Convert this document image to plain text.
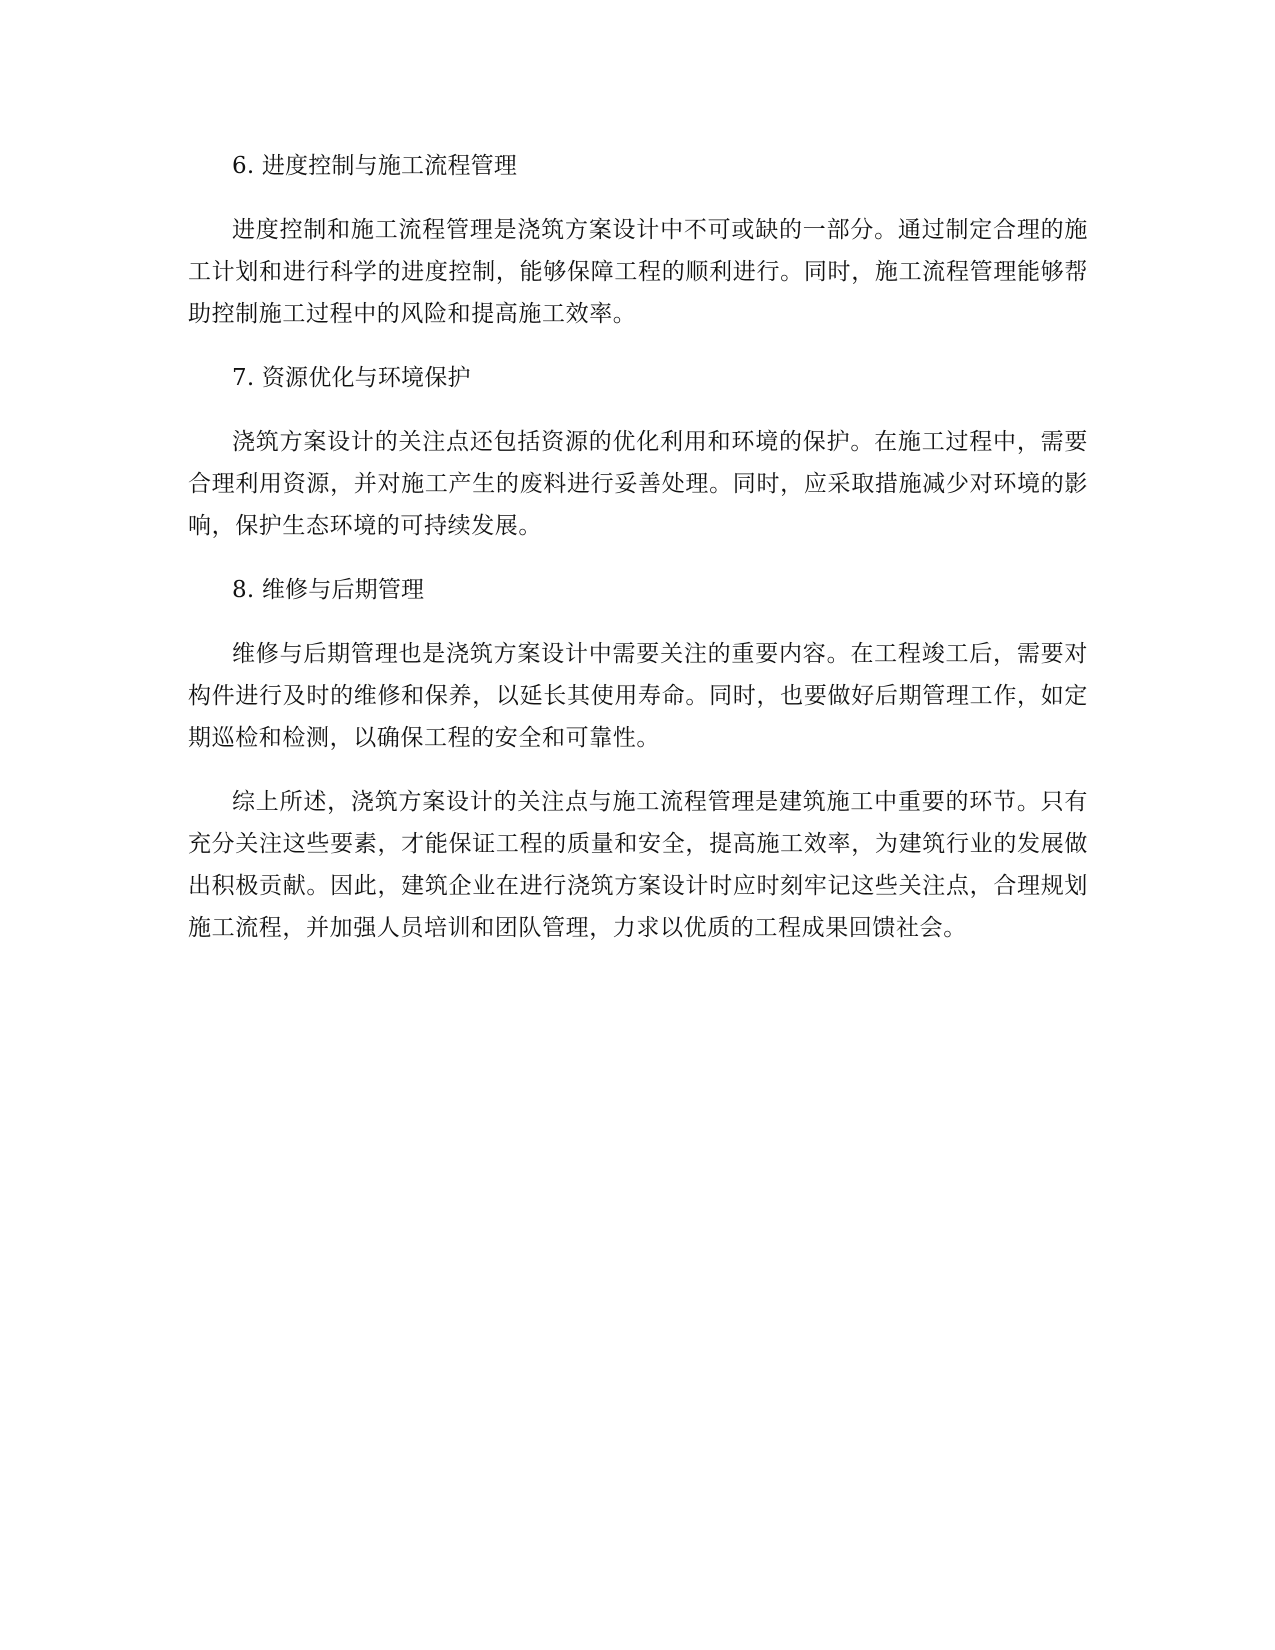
6. 进度控制与施工流程管理

进度控制和施工流程管理是浇筑方案设计中不可或缺的一部分。通过制定合理的施工计划和进行科学的进度控制，能够保障工程的顺利进行。同时，施工流程管理能够帮助控制施工过程中的风险和提高施工效率。

7. 资源优化与环境保护

浇筑方案设计的关注点还包括资源的优化利用和环境的保护。在施工过程中，需要合理利用资源，并对施工产生的废料进行妥善处理。同时，应采取措施减少对环境的影响，保护生态环境的可持续发展。

8. 维修与后期管理

维修与后期管理也是浇筑方案设计中需要关注的重要内容。在工程竣工后，需要对构件进行及时的维修和保养，以延长其使用寿命。同时，也要做好后期管理工作，如定期巡检和检测，以确保工程的安全和可靠性。

综上所述，浇筑方案设计的关注点与施工流程管理是建筑施工中重要的环节。只有充分关注这些要素，才能保证工程的质量和安全，提高施工效率，为建筑行业的发展做出积极贡献。因此，建筑企业在进行浇筑方案设计时应时刻牢记这些关注点，合理规划施工流程，并加强人员培训和团队管理，力求以优质的工程成果回馈社会。
